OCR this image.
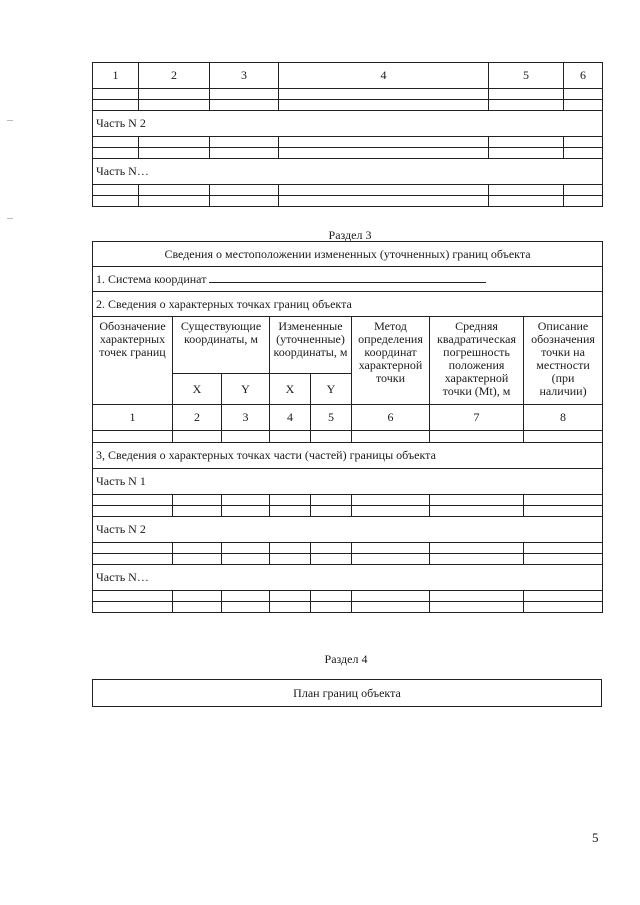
1	2	3	4	5	6

Часть N 2					

Часть N…					

Раздел 3
Сведения о местоположении измененных (уточненных) границ объекта							
1. Система координат							
2. Сведения о характерных точках границ объекта							
Обозначение характерных точек границ	Существующие координаты, м		Измененные (уточненные) координаты, м		Метод определения координат характерной точки	Средняя квадратическая погрешность положения характерной точки (Mt), м	Описание обозначения точки на местности (при наличии)
	X	Y	X	Y			
1	2	3	4	5	6	7	8

3, Сведения о характерных точках части (частей) границы объекта							
Часть N 1							

Часть N 2							

Часть N…							

Раздел 4
План границ объекта
5
